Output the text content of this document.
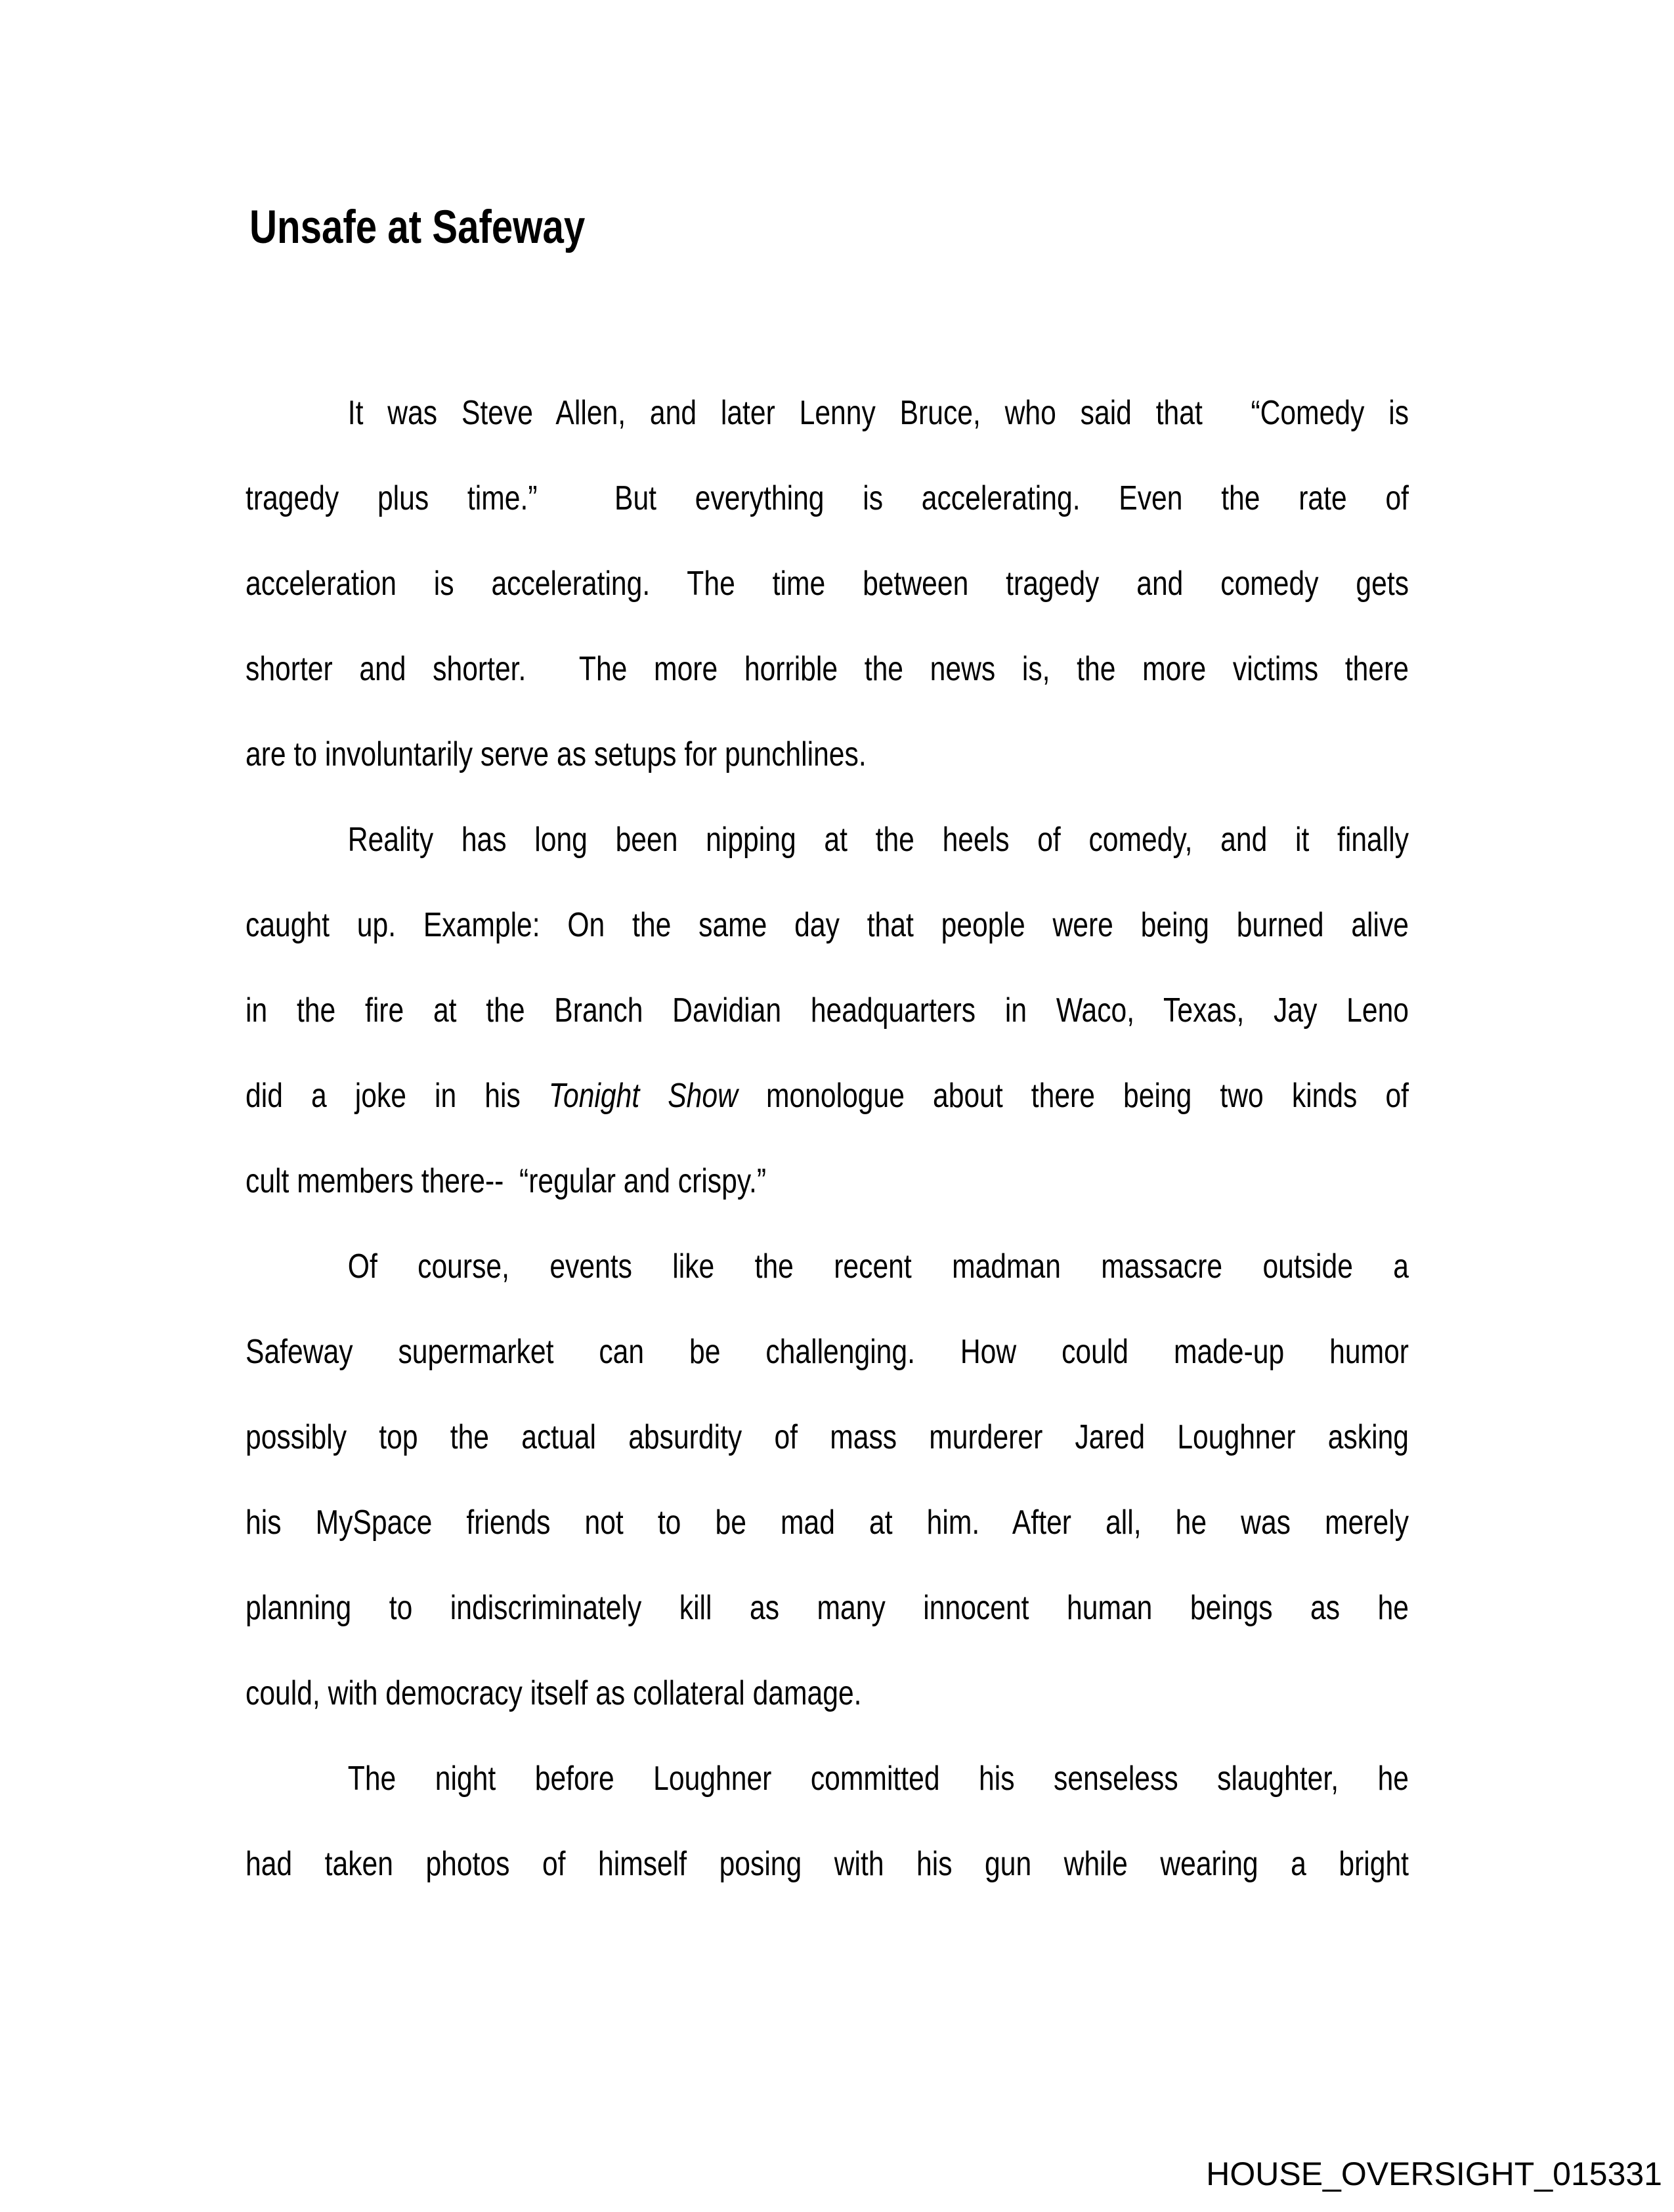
Unsafe at Safeway
It was Steve Allen, and later Lenny Bruce, who said that  “Comedy is
tragedy plus time.”  But everything is accelerating. Even the rate of
acceleration is accelerating. The time between tragedy and comedy gets
shorter and shorter.  The more horrible the news is, the more victims there
are to involuntarily serve as setups for punchlines.
Reality has long been nipping at the heels of comedy, and it finally
caught up. Example: On the same day that people were being burned alive
in the fire at the Branch Davidian headquarters in Waco, Texas, Jay Leno
did a joke in his Tonight Show monologue about there being two kinds of
cult members there--  “regular and crispy.”
Of course, events like the recent madman massacre outside a
Safeway supermarket can be challenging. How could made-up humor
possibly top the actual absurdity of mass murderer Jared Loughner asking
his MySpace friends not to be mad at him. After all, he was merely
planning to indiscriminately kill as many innocent human beings as he
could, with democracy itself as collateral damage.
The night before Loughner committed his senseless slaughter, he
had taken photos of himself posing with his gun while wearing a bright
HOUSE_OVERSIGHT_015331
